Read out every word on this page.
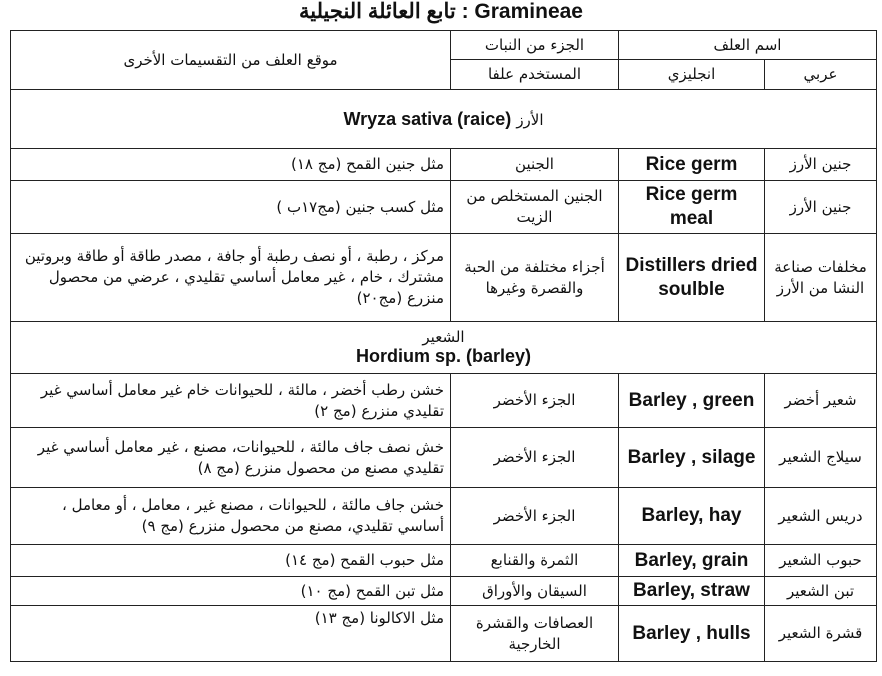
تابع العائلة النجيلية : Gramineae
اسم العلف		الجزء من النبات	موقع العلف من التقسيمات الأخرى
عربي	انجليزي	المستخدم علفا	
الأرز Wryza sativa (raice)			
جنين الأرز	Rice germ	الجنين	مثل جنين القمح (مج ١٨)
جنين الأرز	Rice germ meal	الجنين المستخلص من الزيت	مثل كسب جنين (مج١٧ب )
مخلفات صناعة النشا من الأرز	Distillers dried soulble	أجزاء مختلفة من الحبة والقصرة وغيرها	مركز ، رطبة ، أو نصف رطبة أو جافة ، مصدر طاقة أو طاقة وبروتين مشترك ، خام ، غير معامل أساسي تقليدي ، عرضي من محصول منزرع (مج٢٠)

الشعير
Hordium sp. (barley)			

شعير أخضر	Barley , green	الجزء الأخضر	خشن رطب أخضر ، مالئة ، للحيوانات خام غير معامل أساسي غير تقليدي منزرع (مج ٢)
سيلاج الشعير	Barley , silage	الجزء الأخضر	خش نصف جاف مالئة ، للحيوانات، مصنع ، غير معامل أساسي غير تقليدي مصنع من محصول منزرع (مج ٨)
دريس الشعير	Barley, hay	الجزء الأخضر	خشن جاف مالئة ، للحيوانات ، مصنع غير ، معامل ، أو معامل ، أساسي تقليدي، مصنع من محصول منزرع (مج ٩)
حبوب الشعير	Barley, grain	الثمرة والقنابع	مثل حبوب القمح (مج ١٤)
تبن الشعير	Barley, straw	السيقان والأوراق	مثل تبن القمح (مج ١٠)
قشرة الشعير	Barley , hulls	العصافات والقشرة الخارجية	مثل الاكالونا (مج ١٣)
